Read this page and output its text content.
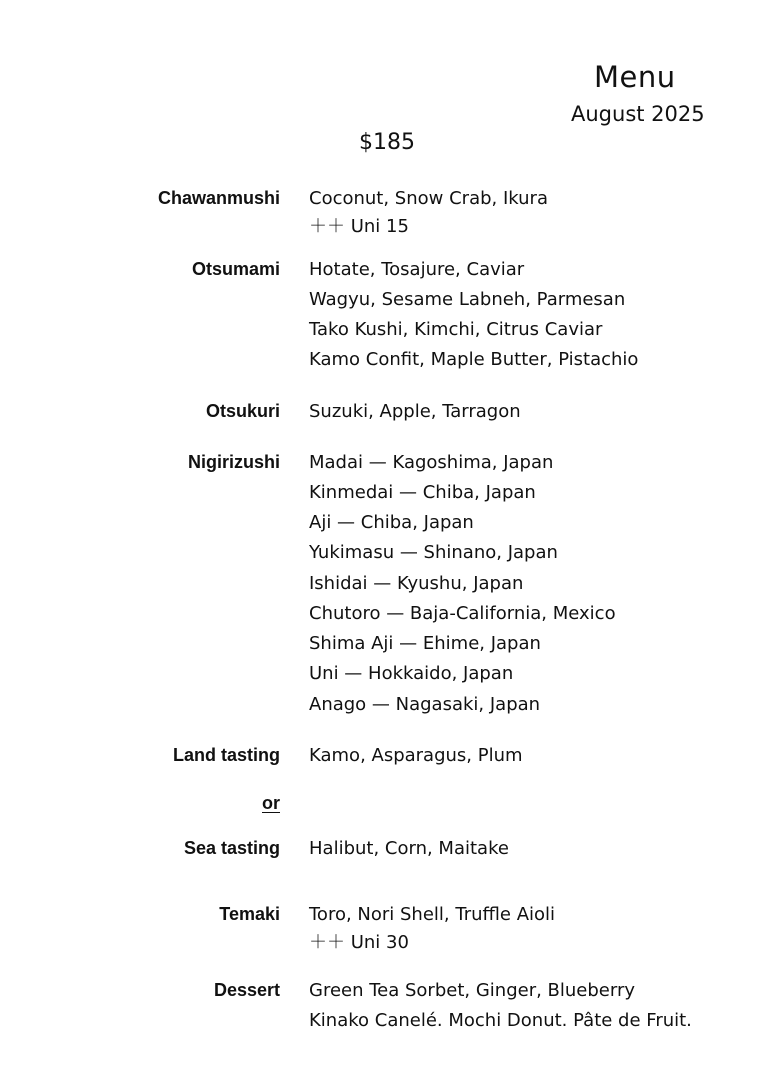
Menu
August 2025
$185
Chawanmushi Coconut, Snow Crab, Ikura
＋＋ Uni 15
Otsumami Hotate, Tosajure, Caviar
Wagyu, Sesame Labneh, Parmesan
Tako Kushi, Kimchi, Citrus Caviar
Kamo Confit, Maple Butter, Pistachio
Otsukuri Suzuki, Apple, Tarragon
Nigirizushi Madai — Kagoshima, Japan
Kinmedai — Chiba, Japan
Aji — Chiba, Japan
Yukimasu — Shinano, Japan
Ishidai — Kyushu, Japan
Chutoro — Baja-California, Mexico
Shima Aji — Ehime, Japan
Uni — Hokkaido, Japan
Anago — Nagasaki, Japan
Land tasting Kamo, Asparagus, Plum
or
Sea tasting Halibut, Corn, Maitake
Temaki Toro, Nori Shell, Truffle Aioli
＋＋ Uni 30
Dessert Green Tea Sorbet, Ginger, Blueberry
Kinako Canelé. Mochi Donut. Pâte de Fruit.
